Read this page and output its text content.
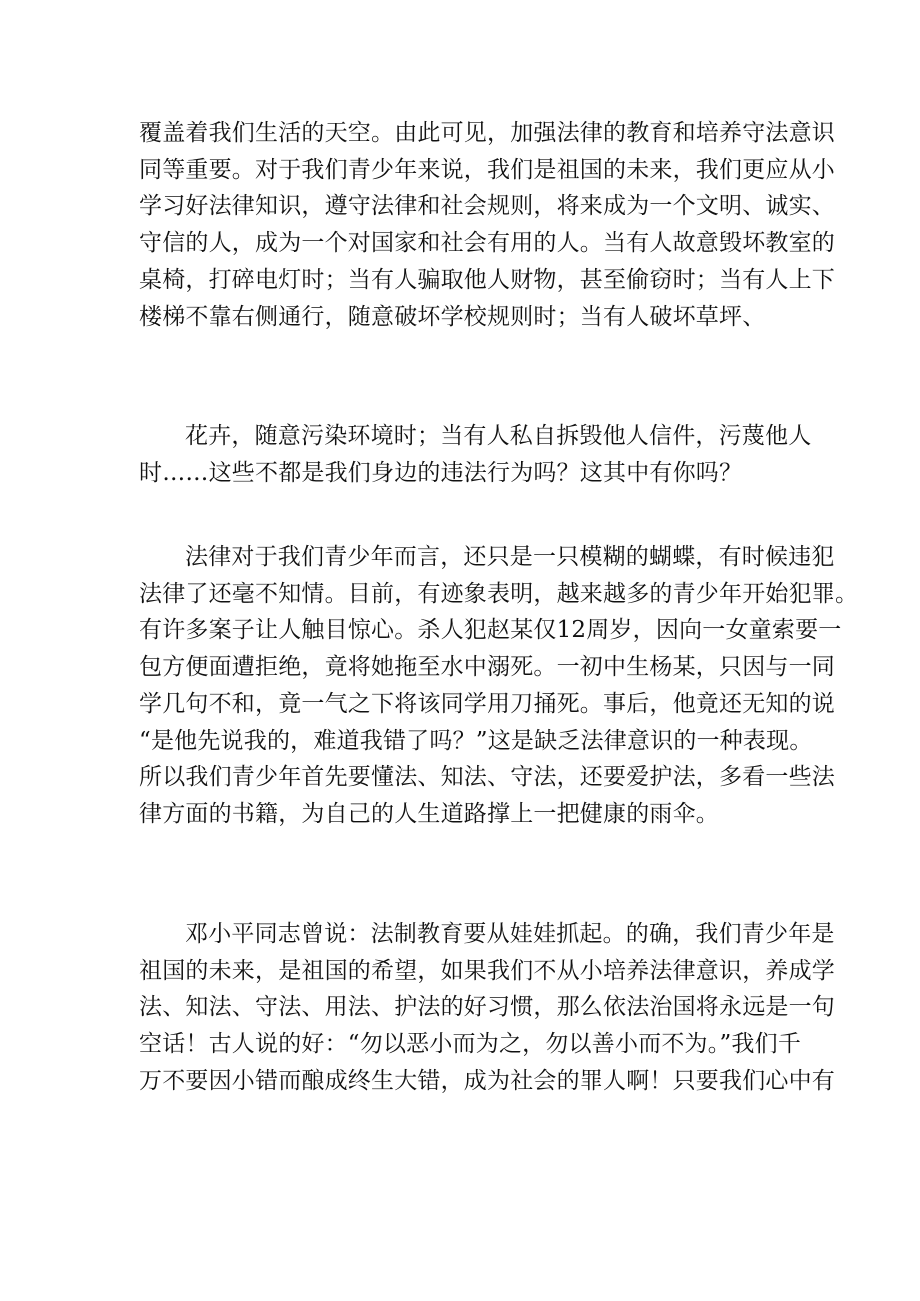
覆盖着我们生活的天空。由此可见，加强法律的教育和培养守法意识
同等重要。对于我们青少年来说，我们是祖国的未来，我们更应从小
学习好法律知识，遵守法律和社会规则，将来成为一个文明、诚实、
守信的人，成为一个对国家和社会有用的人。当有人故意毁坏教室的
桌椅，打碎电灯时；当有人骗取他人财物，甚至偷窃时；当有人上下
楼梯不靠右侧通行，随意破坏学校规则时；当有人破坏草坪、
花卉，随意污染环境时；当有人私自拆毁他人信件，污蔑他人
时……这些不都是我们身边的违法行为吗？这其中有你吗？
法律对于我们青少年而言，还只是一只模糊的蝴蝶，有时候违犯
法律了还毫不知情。目前，有迹象表明，越来越多的青少年开始犯罪。
有许多案子让人触目惊心。杀人犯赵某仅12周岁，因向一女童索要一
包方便面遭拒绝，竟将她拖至水中溺死。一初中生杨某，只因与一同
学几句不和，竟一气之下将该同学用刀捅死。事后，他竟还无知的说
“是他先说我的，难道我错了吗？”这是缺乏法律意识的一种表现。
所以我们青少年首先要懂法、知法、守法，还要爱护法，多看一些法
律方面的书籍，为自己的人生道路撑上一把健康的雨伞。
邓小平同志曾说：法制教育要从娃娃抓起。的确，我们青少年是
祖国的未来，是祖国的希望，如果我们不从小培养法律意识，养成学
法、知法、守法、用法、护法的好习惯，那么依法治国将永远是一句
空话！古人说的好：“勿以恶小而为之，勿以善小而不为。”我们千
万不要因小错而酿成终生大错，成为社会的罪人啊！只要我们心中有
